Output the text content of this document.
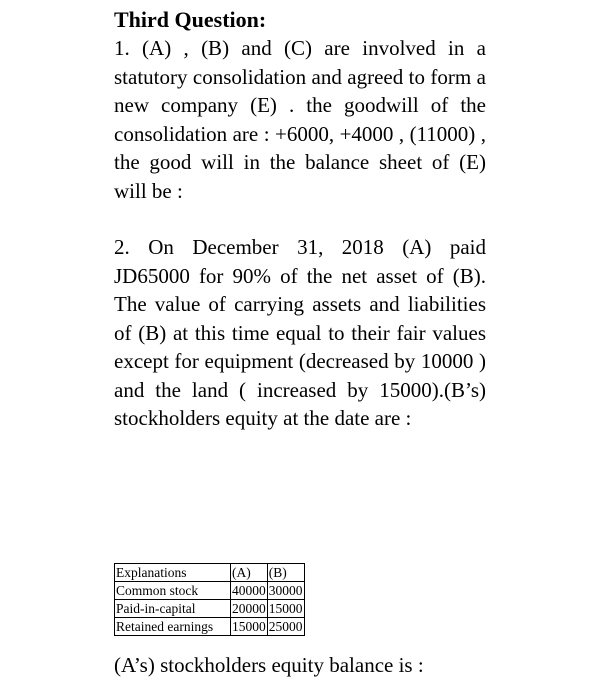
Third Question:

1. (A) , (B) and (C) are involved in a statutory consolidation and agreed to form a new company (E) . the goodwill of the consolidation are : +6000, +4000 , (11000) , the good will in the balance sheet of (E) will be :

2. On December 31, 2018 (A) paid JD65000 for 90% of the net asset of (B). The value of carrying assets and liabilities of (B) at this time equal to their fair values except for equipment (decreased by 10000 ) and the land ( increased by 15000).(B’s) stockholders equity at the date are :

Explanations	(A)	(B)
Common stock	40000	30000
Paid-in-capital	20000	15000
Retained earnings	15000	25000

(A’s) stockholders equity balance is :
